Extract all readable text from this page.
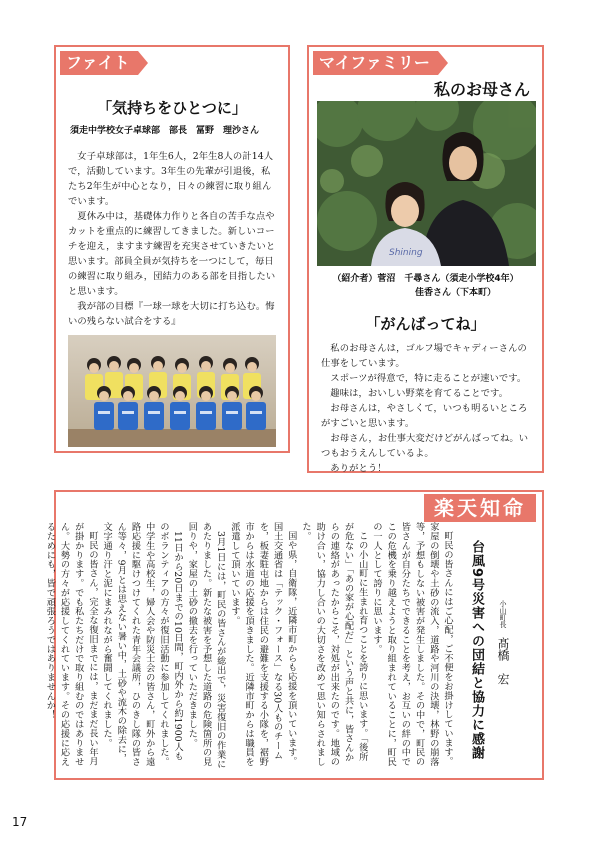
ファイト
「気持ちをひとつに」
須走中学校女子卓球部　部長　冨野　理沙さん

女子卓球部は，1年生6人，2年生8人の計14人で，活動しています。3年生の先輩が引退後，私たち2年生が中心となり，日々の練習に取り組んでいます。

夏休み中は，基礎体力作りと各自の苦手な点やカットを重点的に練習してきました。新しいコーチを迎え，ますます練習を充実させていきたいと思います。部員全員が気持ちを一つにして，毎日の練習に取り組み，団結力のある部を目指したいと思います。

我が部の目標『一球一球を大切に打ち込む。悔いの残らない試合をする』

マイファミリー
私のお母さん
Shining
（紹介者）菅沼　千尋さん（須走小学校4年）
佳香さん（下本町）
「がんばってね」

私のお母さんは，ゴルフ場でキャディーさんの仕事をしています。

スポーツが得意で，特に走ることが速いです。

趣味は，おいしい野菜を育てることです。

お母さんは，やさしくて，いつも明るいところがすごいと思います。

お母さん，お仕事大変だけどがんばってね。いつもおうえんしているよ。

ありがとう！

楽天知命
台風9号災害への団結と協力に感謝	小山町長 髙橋　宏

町民の皆さんにはご心配，ご不便をお掛けしています。家屋の倒壊や土砂の流入，道路や河川の決壊，林野の崩落等，予想もしない被害が発生しました。その中で，町民の皆さんが自分たちでできることを考え，お互いの絆の中でこの危機を乗り越えようと取り組まれていることに，町民の一人として誇りに思います。

この小山町に生まれ育つことを誇りに思います。「後所が危ない」「あの家が心配だ」という声と共に，皆さんからの連絡があったからこそ，対処が出来たのです。地域の助け合い，協力し合いの大切さを改めて思い知らされました。

国や県，自衛隊，近隣市町からも応援を頂いています。国土交通省は「テック・フォース」なる30人ものチームを，板妻駐屯地からは住民の避難を支援する小隊を，裾野市からは水道の応援を頂きました。近隣市町からは職員を派遣して頂いています。

3月1日には，町民の皆さんが総出で，災害復旧の作業にあたりました。新たな被害を予想した道路の危険箇所の見回りや，家屋の土砂の撤去を行っていただきました。

11日から20日までの10日間，町内外から約1900人ものボランティアの方々が復旧活動に参加してくれました。中学生や高校生，婦人会や防災士会の皆さん，町外から遠路応援に駆けつけてくれた青年会議所，ひのきし隊の皆さん等々，9月とは思えない暑い中，土砂や流木の除去に，文字通り汗と泥にまみれながら奮闘してくれました。

町民の皆さん，完全な復旧までには，まだまだ長い年月が掛かります。でも私たちだけで取り組むのではありません。大勢の方々が応援してくれています。その応援に応えるためにも，皆で頑張ろうではありませんか！

17
